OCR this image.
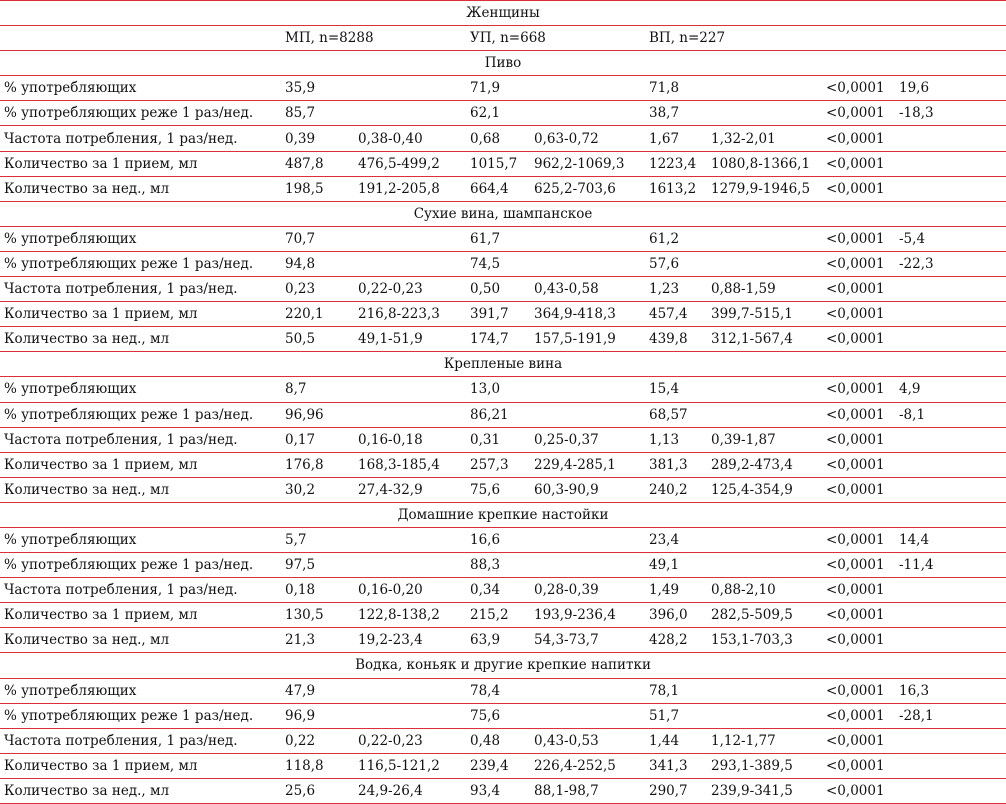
Женщины								
	МП, n=8288		УП, n=668		ВП, n=227			
Пиво								
% употребляющих	35,9		71,9		71,8		<0,0001	19,6
% употребляющих реже 1 раз/нед.	85,7		62,1		38,7		<0,0001	-18,3
Частота потребления, 1 раз/нед.	0,39	0,38-0,40	0,68	0,63-0,72	1,67	1,32-2,01	<0,0001	
Количество за 1 прием, мл	487,8	476,5-499,2	1015,7	962,2-1069,3	1223,4	1080,8-1366,1	<0,0001	
Количество за нед., мл	198,5	191,2-205,8	664,4	625,2-703,6	1613,2	1279,9-1946,5	<0,0001	
Сухие вина, шампанское								
% употребляющих	70,7		61,7		61,2		<0,0001	-5,4
% употребляющих реже 1 раз/нед.	94,8		74,5		57,6		<0,0001	-22,3
Частота потребления, 1 раз/нед.	0,23	0,22-0,23	0,50	0,43-0,58	1,23	0,88-1,59	<0,0001	
Количество за 1 прием, мл	220,1	216,8-223,3	391,7	364,9-418,3	457,4	399,7-515,1	<0,0001	
Количество за нед., мл	50,5	49,1-51,9	174,7	157,5-191,9	439,8	312,1-567,4	<0,0001	
Крепленые вина								
% употребляющих	8,7		13,0		15,4		<0,0001	4,9
% употребляющих реже 1 раз/нед.	96,96		86,21		68,57		<0,0001	-8,1
Частота потребления, 1 раз/нед.	0,17	0,16-0,18	0,31	0,25-0,37	1,13	0,39-1,87	<0,0001	
Количество за 1 прием, мл	176,8	168,3-185,4	257,3	229,4-285,1	381,3	289,2-473,4	<0,0001	
Количество за нед., мл	30,2	27,4-32,9	75,6	60,3-90,9	240,2	125,4-354,9	<0,0001	
Домашние крепкие настойки								
% употребляющих	5,7		16,6		23,4		<0,0001	14,4
% употребляющих реже 1 раз/нед.	97,5		88,3		49,1		<0,0001	-11,4
Частота потребления, 1 раз/нед.	0,18	0,16-0,20	0,34	0,28-0,39	1,49	0,88-2,10	<0,0001	
Количество за 1 прием, мл	130,5	122,8-138,2	215,2	193,9-236,4	396,0	282,5-509,5	<0,0001	
Количество за нед., мл	21,3	19,2-23,4	63,9	54,3-73,7	428,2	153,1-703,3	<0,0001	
Водка, коньяк и другие крепкие напитки								
% употребляющих	47,9		78,4		78,1		<0,0001	16,3
% употребляющих реже 1 раз/нед.	96,9		75,6		51,7		<0,0001	-28,1
Частота потребления, 1 раз/нед.	0,22	0,22-0,23	0,48	0,43-0,53	1,44	1,12-1,77	<0,0001	
Количество за 1 прием, мл	118,8	116,5-121,2	239,4	226,4-252,5	341,3	293,1-389,5	<0,0001	
Количество за нед., мл	25,6	24,9-26,4	93,4	88,1-98,7	290,7	239,9-341,5	<0,0001	
